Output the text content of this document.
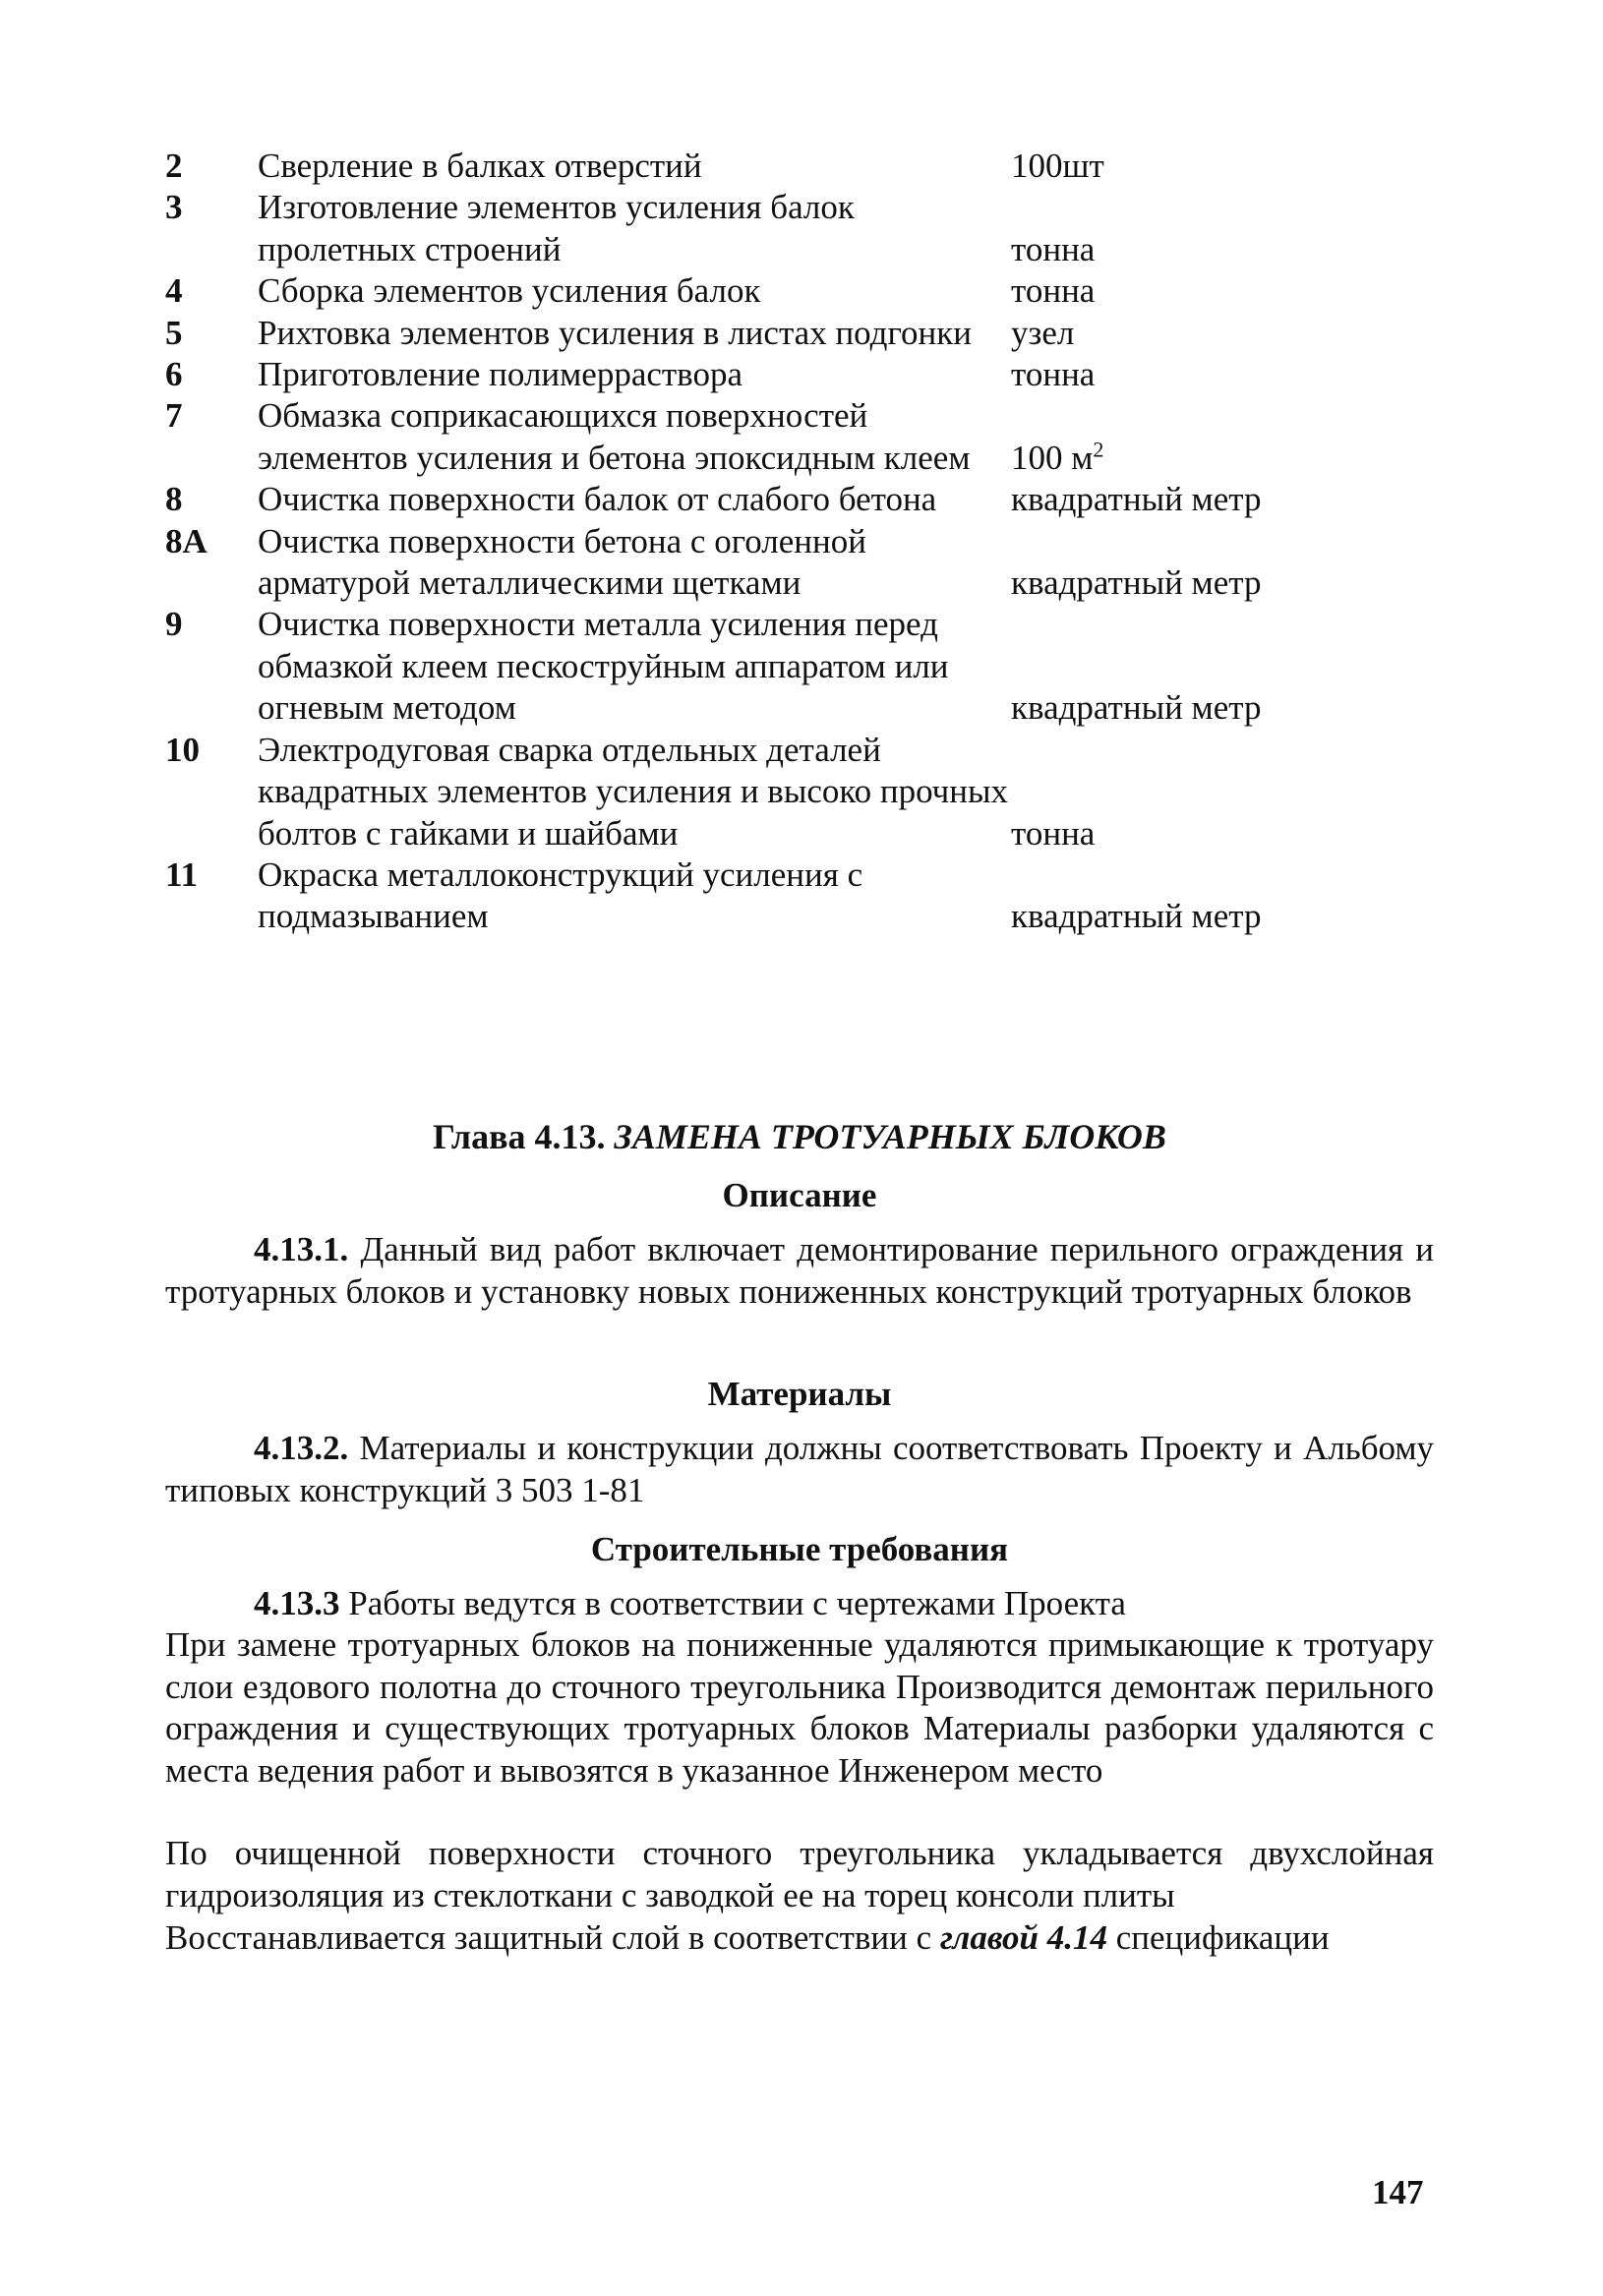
2	Сверление в балках отверстий	100шт
3	Изготовление элементов усиления балок пролетных строений	тонна
4	Сборка элементов усиления балок	тонна
5	Рихтовка элементов усиления в листах подгонки	узел
6	Приготовление полимерраствора	тонна
7	Обмазка соприкасающихся поверхностей элементов усиления и бетона эпоксидным клеем	100 $м^2$
8	Очистка поверхности балок от слабого бетона	квадратный метр
8А	Очистка поверхности бетона с оголенной арматурой металлическими щетками	квадратный метр
9	Очистка поверхности металла усиления перед обмазкой клеем пескоструйным аппаратом или огневым методом	квадратный метр
10	Электродуговая сварка отдельных деталей квадратных элементов усиления и высоко прочных болтов с гайками и шайбами	тонна
11	Окраска металлоконструкций усиления с подмазыванием	квадратный метр
Глава 4.13. ЗАМЕНА ТРОТУАРНЫХ БЛОКОВ
Описание
4.13.1. Данный вид работ включает демонтирование перильного ограждения и тротуарных блоков и установку новых пониженных конструкций тротуарных блоков
Материалы
4.13.2. Материалы и конструкции должны соответствовать Проекту и Альбому типовых конструкций 3 503 1-81
Строительные требования
4.13.3 Работы ведутся в соответствии с чертежами Проекта
При замене тротуарных блоков на пониженные удаляются примыкающие к тротуару слои ездового полотна до сточного треугольника Производится демонтаж перильного ограждения и существующих тротуарных блоков Материалы разборки удаляются с места ведения работ и вывозятся в указанное Инженером место
По очищенной поверхности сточного треугольника укладывается двухслойная гидроизоляция из стеклоткани с заводкой ее на торец консоли плиты
Восстанавливается защитный слой в соответствии с главой 4.14 спецификации
147
